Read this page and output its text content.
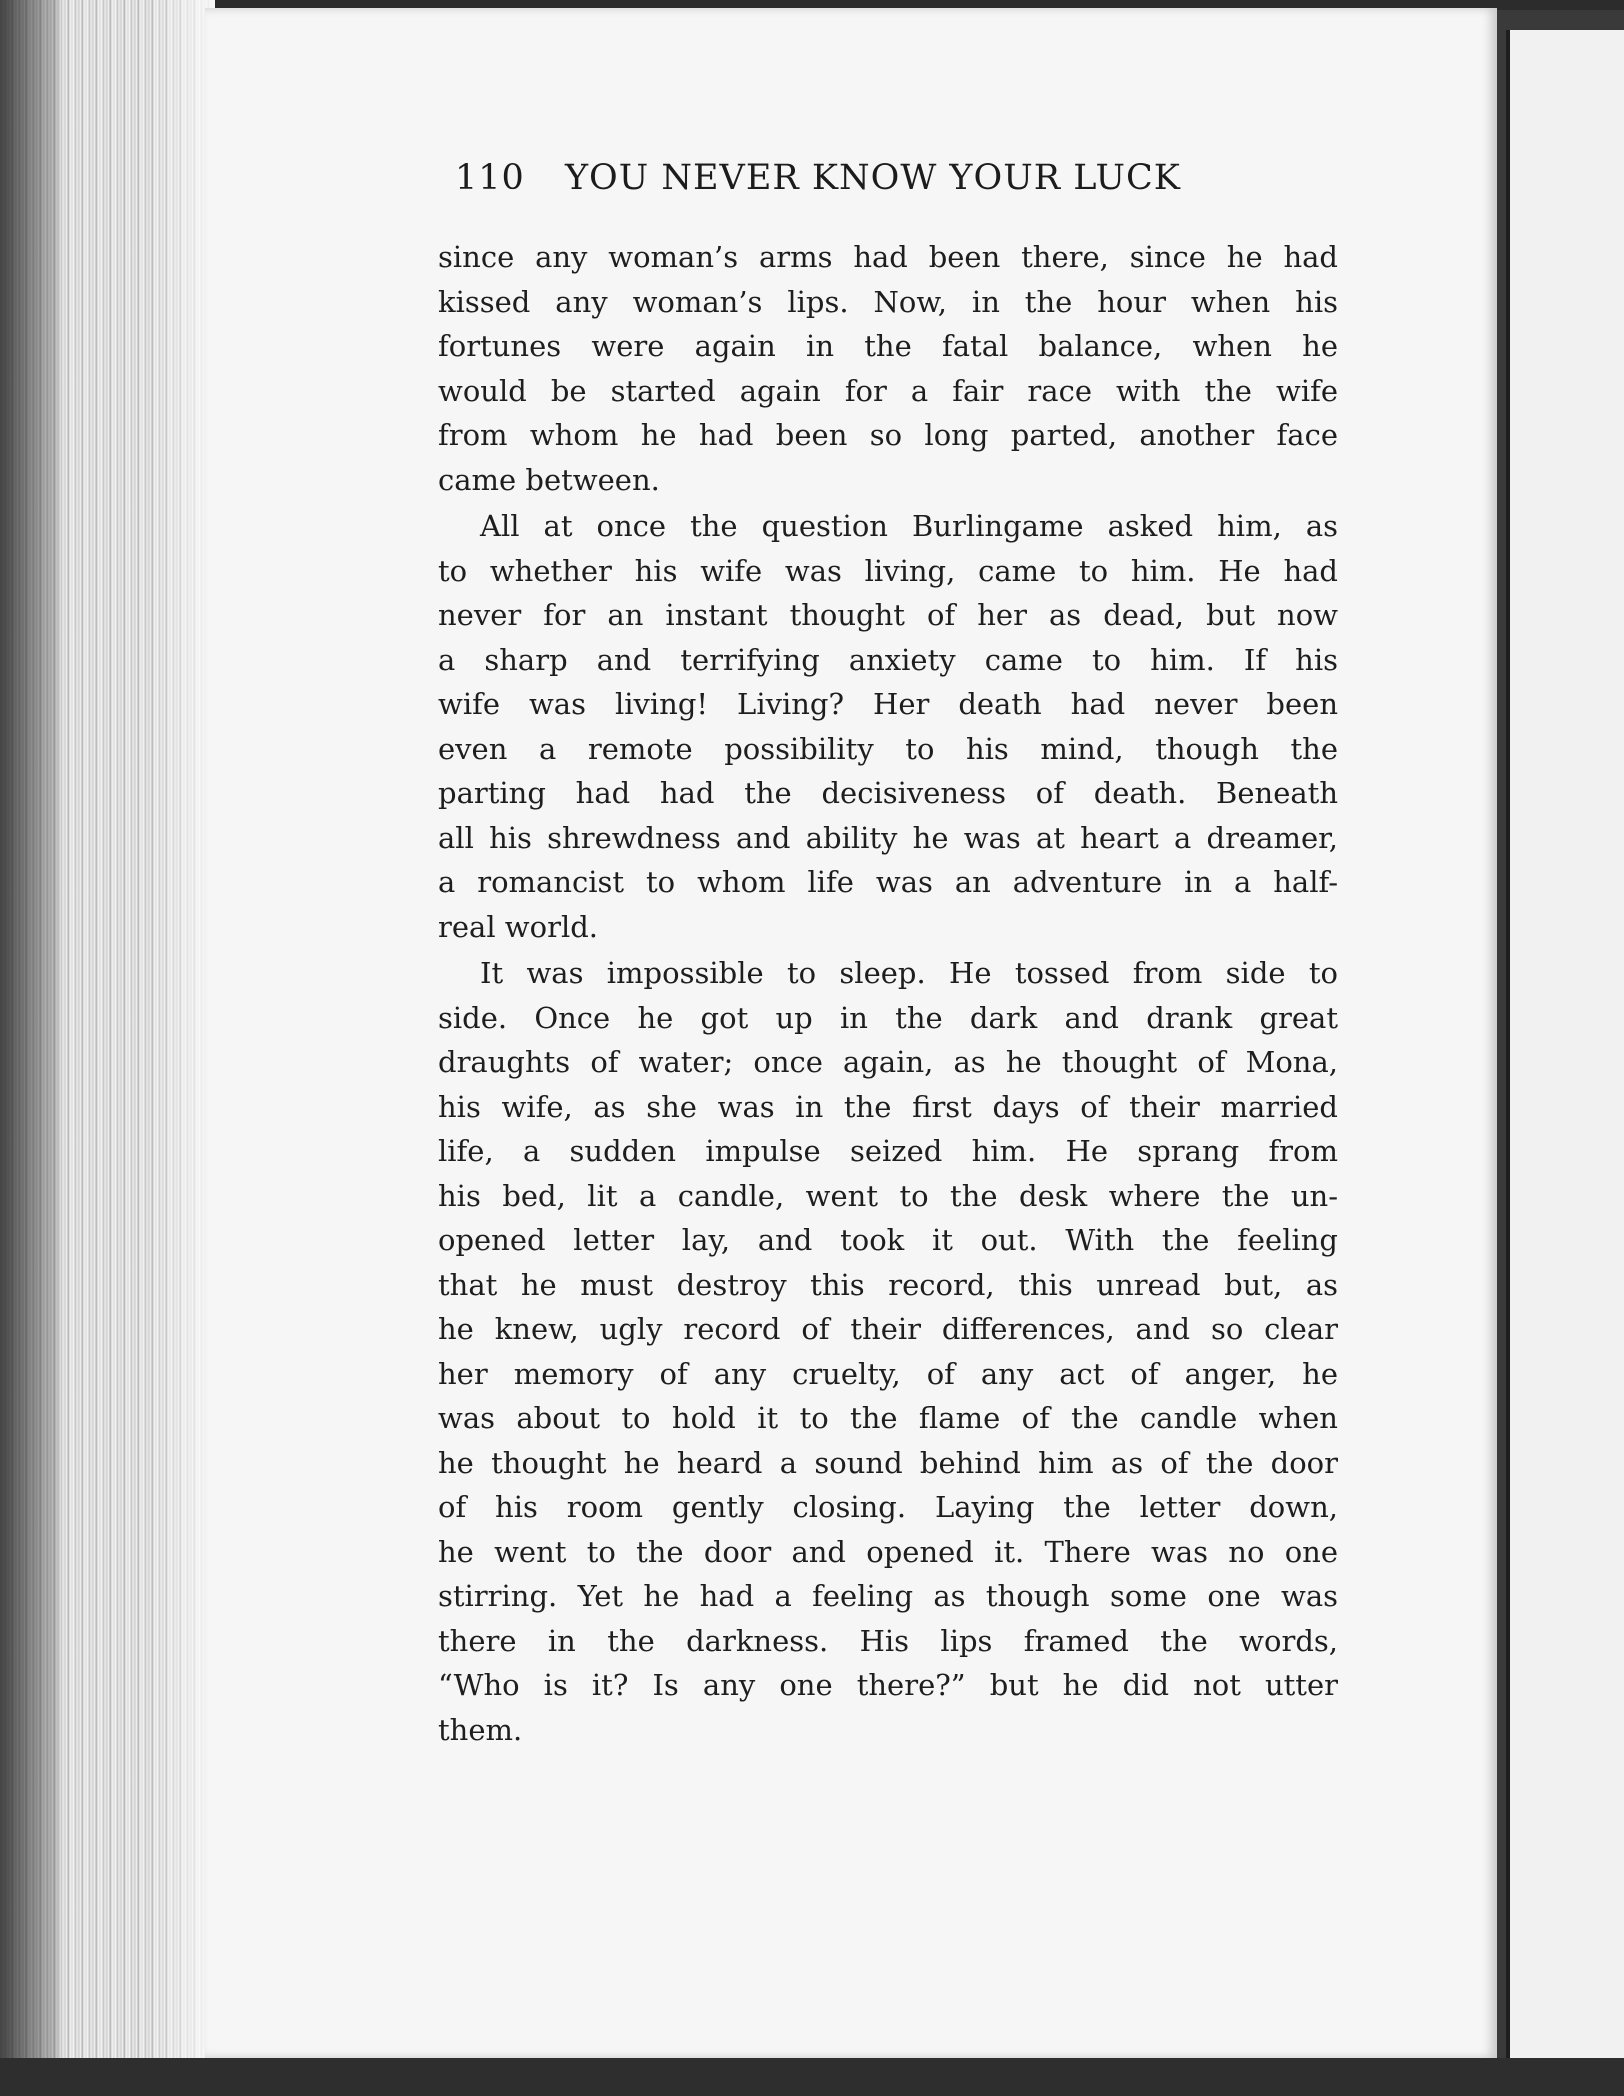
110 YOU NEVER KNOW YOUR LUCK
since any woman’s arms had been there, since he had
kissed any woman’s lips. Now, in the hour when his
fortunes were again in the fatal balance, when he
would be started again for a fair race with the wife
from whom he had been so long parted, another face
came between.
All at once the question Burlingame asked him, as
to whether his wife was living, came to him. He had
never for an instant thought of her as dead, but now
a sharp and terrifying anxiety came to him. If his
wife was living! Living? Her death had never been
even a remote possibility to his mind, though the
parting had had the decisiveness of death. Beneath
all his shrewdness and ability he was at heart a dreamer,
a romancist to whom life was an adventure in a half-
real world.
It was impossible to sleep. He tossed from side to
side. Once he got up in the dark and drank great
draughts of water; once again, as he thought of Mona,
his wife, as she was in the first days of their married
life, a sudden impulse seized him. He sprang from
his bed, lit a candle, went to the desk where the un-
opened letter lay, and took it out. With the feeling
that he must destroy this record, this unread but, as
he knew, ugly record of their differences, and so clear
her memory of any cruelty, of any act of anger, he
was about to hold it to the flame of the candle when
he thought he heard a sound behind him as of the door
of his room gently closing. Laying the letter down,
he went to the door and opened it. There was no one
stirring. Yet he had a feeling as though some one was
there in the darkness. His lips framed the words,
“Who is it? Is any one there?” but he did not utter
them.
